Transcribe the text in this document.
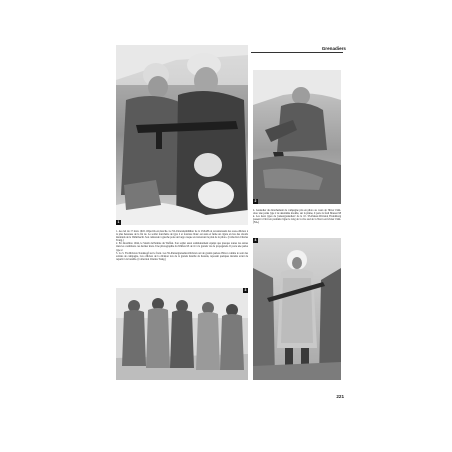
Grenadiers
1
2

1. Au ciel du 17 mars 1943. Objectifs en marche. Le SS-Untersturmführer de la LSSAH en reconnaissant des sous-officiers à la plus heureuse de la fin de. Le soldat fourchette de type 2 et fourrure blanc est assis et fume un cigare en bas des abords matériels de la Wehrmacht. Son camarade à gauche porte un large casque en traversant le plan de la photo. (Collection Charles Trang.)
2. En décembre 1944, le Sturm dell'armée du Waffen. Son soldat aussi sommairement équipé que presque toutes les autres dans les conditions ces dernier mois. Une photographie du Waffen-SS de tir à la grande vie de propagande. Il porte une parka type 2.
3. La 3. SS-Division Totenkopf sur le front. Les SS-Panzergrenadier-Division ont de grands parkas d'hiver comme le sont des soldats de campagne. Ces officiers de la division lors de la grande bataille de Koursk, reposant quelques instants avant de repartir à la bataille. (Collection Charles Trang.)

4. Grenadier du détachement de campagne pris en photo au cours de l'hiver 1944. Avec une parka type 2 de deuxième modèle, sur la plaine, il porte le fusil Mauser 98 k. Les deux types de 'panzergrenadiers' de la 10. SS-Panzer-Division Frundsberg passent à l'abri en première ligne le long de la rive sud de la Narva en février 1944. (NA.)

3
4
221
